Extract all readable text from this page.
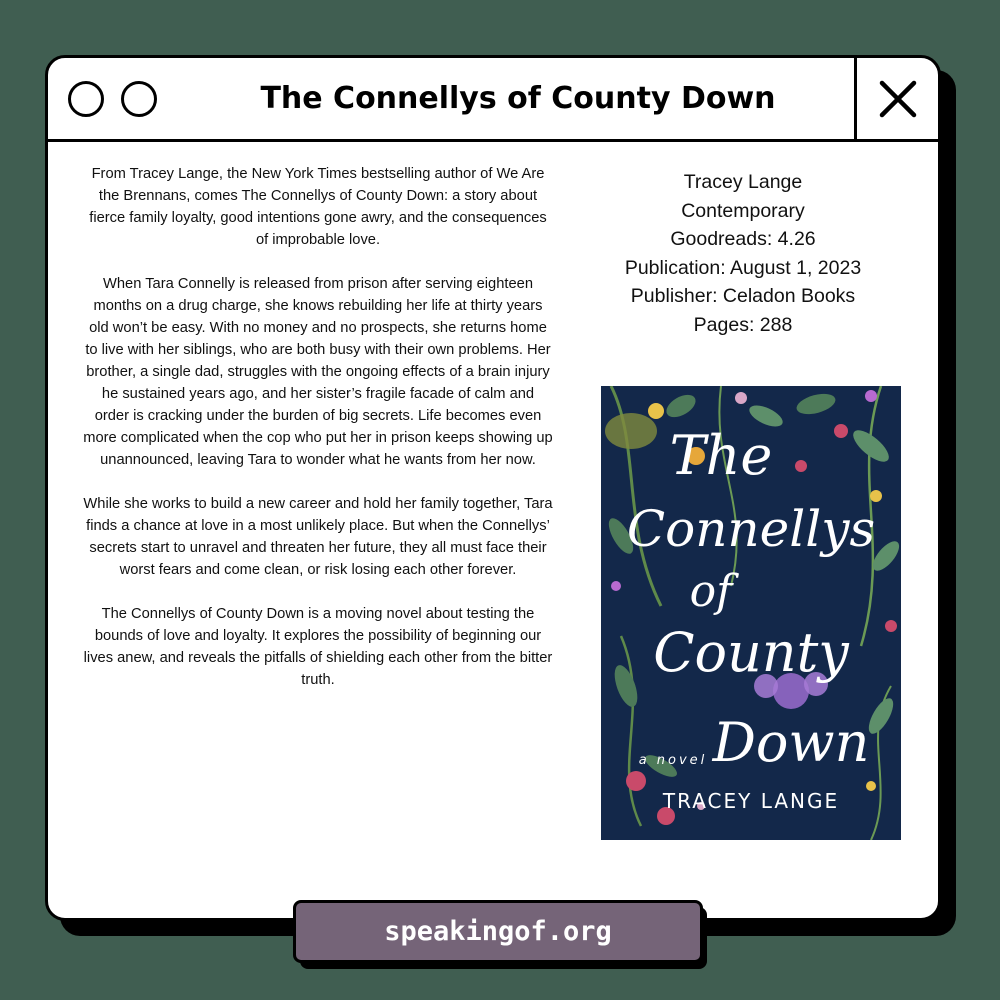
The Connellys of County Down

From Tracey Lange, the New York Times bestselling author of We Are the Brennans, comes The Connellys of County Down: a story about fierce family loyalty, good intentions gone awry, and the consequences of improbable love.

When Tara Connelly is released from prison after serving eighteen months on a drug charge, she knows rebuilding her life at thirty years old won’t be easy. With no money and no prospects, she returns home to live with her siblings, who are both busy with their own problems. Her brother, a single dad, struggles with the ongoing effects of a brain injury he sustained years ago, and her sister’s fragile facade of calm and order is cracking under the burden of big secrets. Life becomes even more complicated when the cop who put her in prison keeps showing up unannounced, leaving Tara to wonder what he wants from her now.

While she works to build a new career and hold her family together, Tara finds a chance at love in a most unlikely place. But when the Connellys’ secrets start to unravel and threaten her future, they all must face their worst fears and come clean, or risk losing each other forever.

The Connellys of County Down is a moving novel about testing the bounds of love and loyalty. It explores the possibility of beginning our lives anew, and reveals the pitfalls of shielding each other from the bitter truth.

Tracey Lange
Contemporary
Goodreads: 4.26
Publication: August 1, 2023
Publisher: Celadon Books
Pages: 288
The
Connellys
of
County
Down
a novel
TRACEY LANGE
speakingof.org
